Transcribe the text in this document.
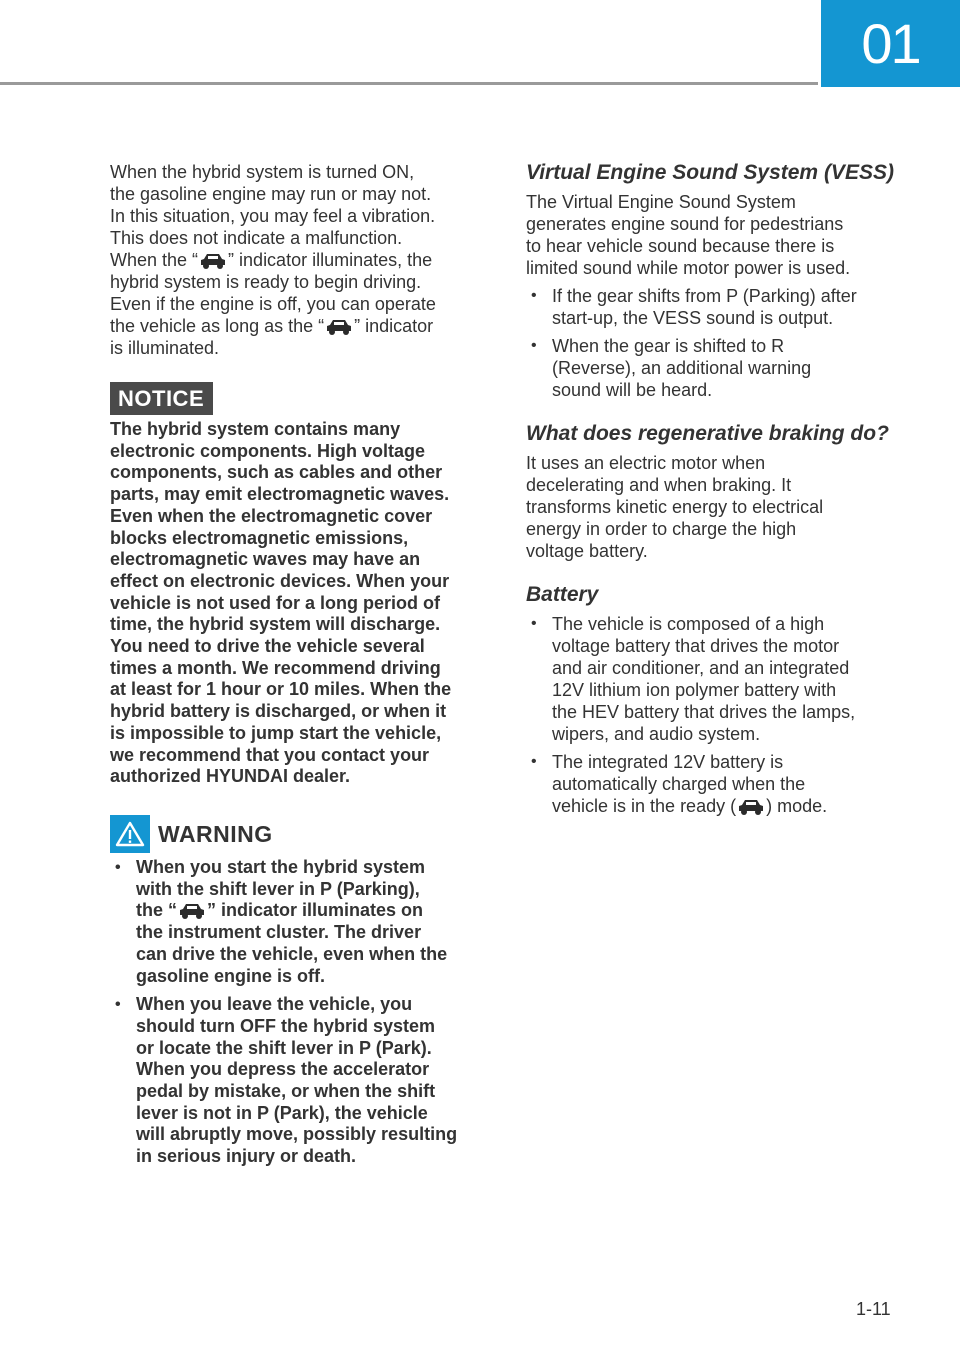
01

When the hybrid system is turned ON,

the gasoline engine may run or may not.

In this situation, you may feel a vibration.

This does not indicate a malfunction.

When the “ ” indicator illuminates, the

hybrid system is ready to begin driving.

Even if the engine is off, you can operate

the vehicle as long as the “ ” indicator

is illuminated.

NOTICE

The hybrid system contains many

electronic components. High voltage

components, such as cables and other

parts, may emit electromagnetic waves.

Even when the electromagnetic cover

blocks electromagnetic emissions,

electromagnetic waves may have an

effect on electronic devices. When your

vehicle is not used for a long period of

time, the hybrid system will discharge.

You need to drive the vehicle several

times a month. We recommend driving

at least for 1 hour or 10 miles. When the

hybrid battery is discharged, or when it

is impossible to jump start the vehicle,

we recommend that you contact your

authorized HYUNDAI dealer.

WARNING
• When you start the hybrid system
with the shift lever in P (Parking),
the “ ” indicator illuminates on
the instrument cluster. The driver
can drive the vehicle, even when the
gasoline engine is off.
• When you leave the vehicle, you
should turn OFF the hybrid system
or locate the shift lever in P (Park).
When you depress the accelerator
pedal by mistake, or when the shift
lever is not in P (Park), the vehicle
will abruptly move, possibly resulting
in serious injury or death.
Virtual Engine Sound System (VESS)

The Virtual Engine Sound System

generates engine sound for pedestrians

to hear vehicle sound because there is

limited sound while motor power is used.

• If the gear shifts from P (Parking) after
start-up, the VESS sound is output.
• When the gear is shifted to R
(Reverse), an additional warning
sound will be heard.
What does regenerative braking do?

It uses an electric motor when

decelerating and when braking. It

transforms kinetic energy to electrical

energy in order to charge the high

voltage battery.

Battery
• The vehicle is composed of a high
voltage battery that drives the motor
and air conditioner, and an integrated
12V lithium ion polymer battery with
the HEV battery that drives the lamps,
wipers, and audio system.
• The integrated 12V battery is
automatically charged when the
vehicle is in the ready ( ) mode.
1-11
